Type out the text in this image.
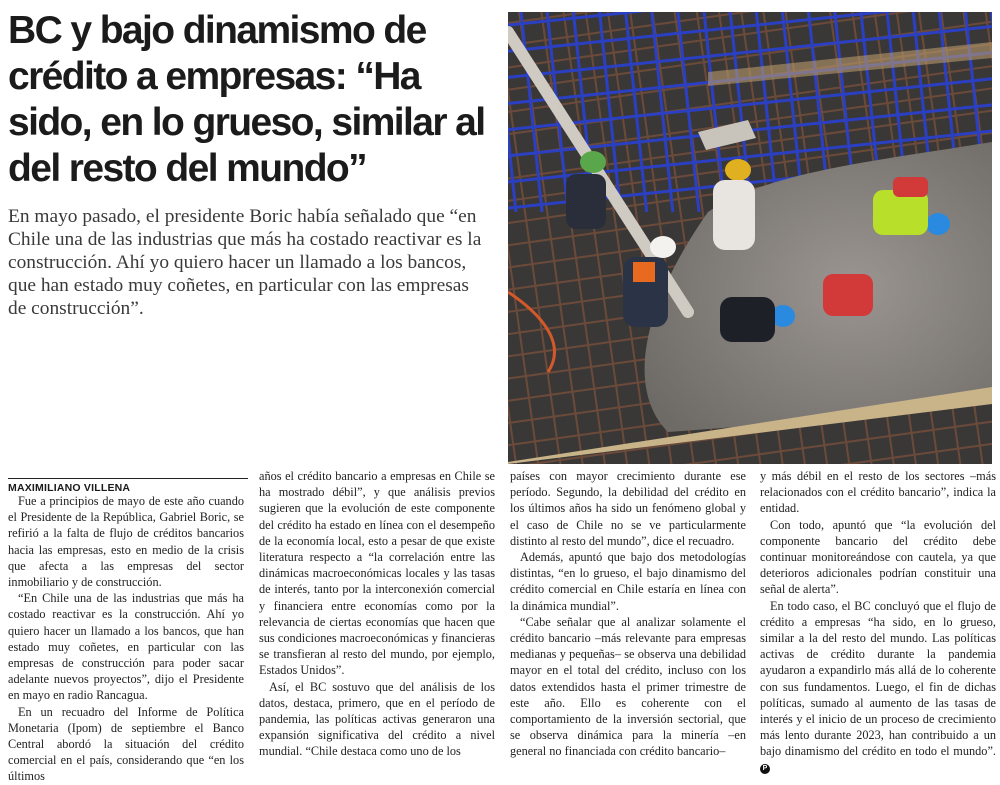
BC y bajo dinamismo de crédito a empresas: “Ha sido, en lo grueso, similar al del resto del mundo”

En mayo pasado, el presidente Boric había señalado que “en Chile una de las industrias que más ha costado reactivar es la construcción. Ahí yo quiero hacer un llamado a los bancos, que han estado muy coñetes, en particular con las empresas de construcción”.

MAXIMILIANO VILLENA

Fue a principios de mayo de este año cuando el Presidente de la República, Gabriel Boric, se refirió a la falta de flujo de créditos bancarios hacia las empresas, esto en medio de la crisis que afecta a las empresas del sector inmobiliario y de construcción.

“En Chile una de las industrias que más ha costado reactivar es la construcción. Ahí yo quiero hacer un llamado a los bancos, que han estado muy coñetes, en particular con las empresas de construcción para poder sacar adelante nuevos proyectos”, dijo el Presidente en mayo en radio Rancagua.

En un recuadro del Informe de Política Monetaria (Ipom) de septiembre el Banco Central abordó la situación del crédito comercial en el país, considerando que “en los últimos

años el crédito bancario a empresas en Chile se ha mostrado débil”, y que análisis previos sugieren que la evolución de este componente del crédito ha estado en línea con el desempeño de la economía local, esto a pesar de que existe literatura respecto a “la correlación entre las dinámicas macroeconómicas locales y las tasas de interés, tanto por la interconexión comercial y financiera entre economías como por la relevancia de ciertas economías que hacen que sus condiciones macroeconómicas y financieras se transfieran al resto del mundo, por ejemplo, Estados Unidos”.

Así, el BC sostuvo que del análisis de los datos, destaca, primero, que en el período de pandemia, las políticas activas generaron una expansión significativa del crédito a nivel mundial. “Chile destaca como uno de los

países con mayor crecimiento durante ese período. Segundo, la debilidad del crédito en los últimos años ha sido un fenómeno global y el caso de Chile no se ve particularmente distinto al resto del mundo”, dice el recuadro.

Además, apuntó que bajo dos metodologías distintas, “en lo grueso, el bajo dinamismo del crédito comercial en Chile estaría en línea con la dinámica mundial”.

“Cabe señalar que al analizar solamente el crédito bancario –más relevante para empresas medianas y pequeñas– se observa una debilidad mayor en el total del crédito, incluso con los datos extendidos hasta el primer trimestre de este año. Ello es coherente con el comportamiento de la inversión sectorial, que se observa dinámica para la minería –en general no financiada con crédito bancario–

y más débil en el resto de los sectores –más relacionados con el crédito bancario”, indica la entidad.

Con todo, apuntó que “la evolución del componente bancario del crédito debe continuar monitoreándose con cautela, ya que deterioros adicionales podrían constituir una señal de alerta”.

En todo caso, el BC concluyó que el flujo de crédito a empresas “ha sido, en lo grueso, similar a la del resto del mundo. Las políticas activas de crédito durante la pandemia ayudaron a expandirlo más allá de lo coherente con sus fundamentos. Luego, el fin de dichas políticas, sumado al aumento de las tasas de interés y el inicio de un proceso de crecimiento más lento durante 2023, han contribuido a un bajo dinamismo del crédito en todo el mundo”. P
